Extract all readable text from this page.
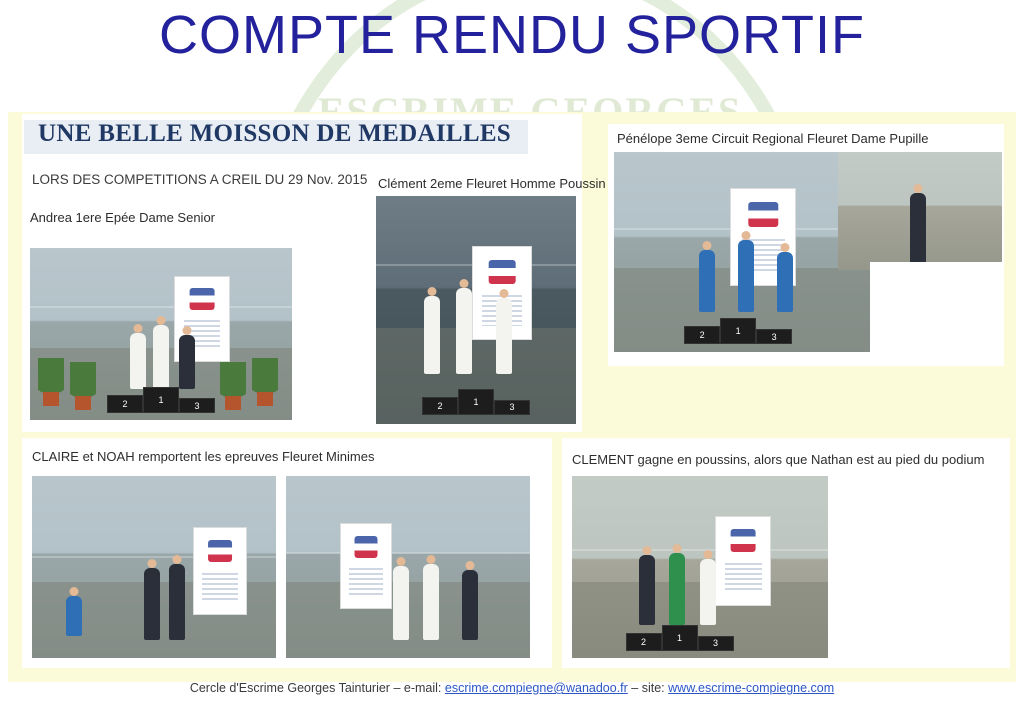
COMPTE RENDU SPORTIF
UNE BELLE MOISSON DE MEDAILLES
LORS DES COMPETITIONS A CREIL DU 29 Nov. 2015
Andrea 1ere Epée Dame Senior
Clément 2eme Fleuret Homme Poussin
2	1
3	2	1
3
Pénélope 3eme Circuit Regional Fleuret Dame Pupille
2	1
3
CLAIRE et NOAH remportent les epreuves Fleuret Minimes	CLEMENT gagne en poussins, alors que Nathan est au pied du podium
2	1
3
Cercle d'Escrime Georges Tainturier – e-mail: escrime.compiegne@wanadoo.fr – site: www.escrime-compiegne.com
